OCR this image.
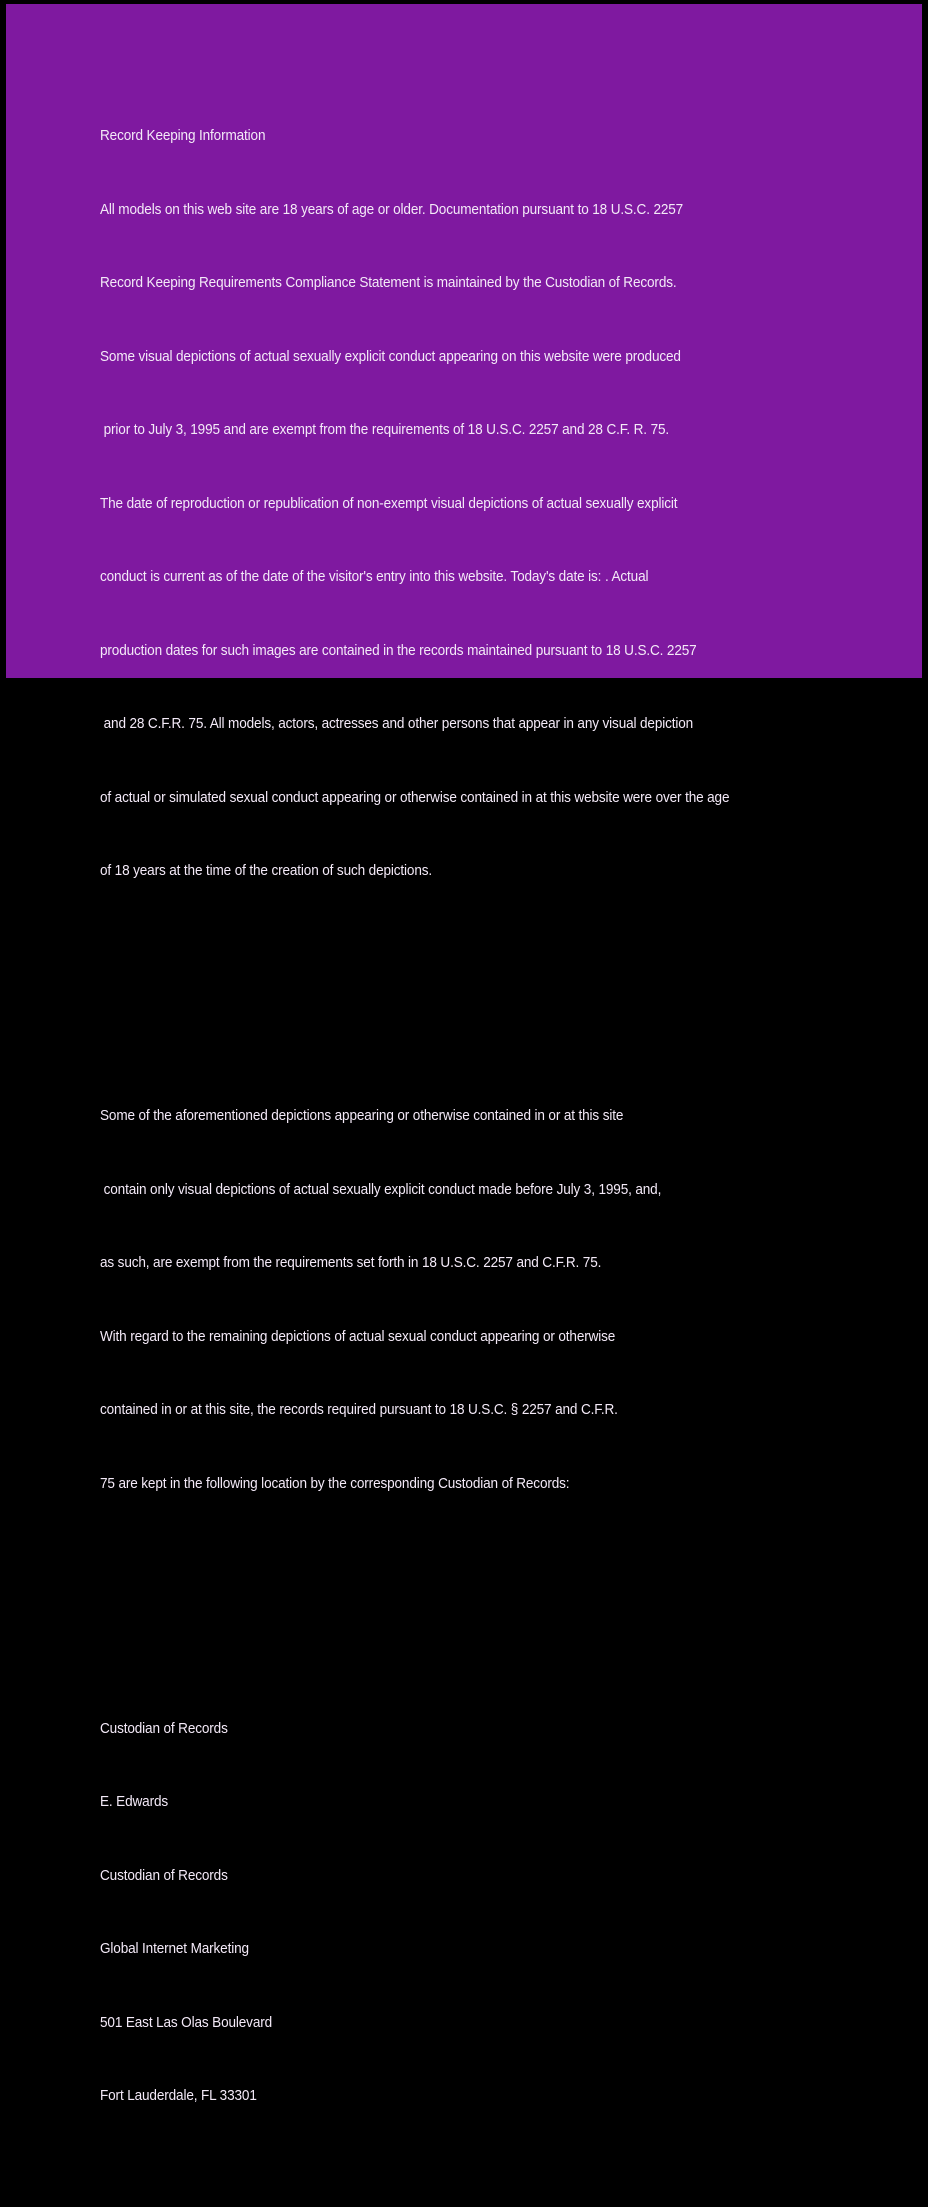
Record Keeping Information

All models on this web site are 18 years of age or older. Documentation pursuant to 18 U.S.C. 2257

Record Keeping Requirements Compliance Statement is maintained by the Custodian of Records.

Some visual depictions of actual sexually explicit conduct appearing on this website were produced

prior to July 3, 1995 and are exempt from the requirements of 18 U.S.C. 2257 and 28 C.F. R. 75.

The date of reproduction or republication of non-exempt visual depictions of actual sexually explicit

conduct is current as of the date of the visitor's entry into this website. Today's date is: . Actual

production dates for such images are contained in the records maintained pursuant to 18 U.S.C. 2257

and 28 C.F.R. 75. All models, actors, actresses and other persons that appear in any visual depiction

of actual or simulated sexual conduct appearing or otherwise contained in at this website were over the age

of 18 years at the time of the creation of such depictions.

Some of the aforementioned depictions appearing or otherwise contained in or at this site

contain only visual depictions of actual sexually explicit conduct made before July 3, 1995, and,

as such, are exempt from the requirements set forth in 18 U.S.C. 2257 and C.F.R. 75.

With regard to the remaining depictions of actual sexual conduct appearing or otherwise

contained in or at this site, the records required pursuant to 18 U.S.C. § 2257 and C.F.R.

75 are kept in the following location by the corresponding Custodian of Records:

Custodian of Records

E. Edwards

Custodian of Records

Global Internet Marketing

501 East Las Olas Boulevard

Fort Lauderdale, FL 33301
